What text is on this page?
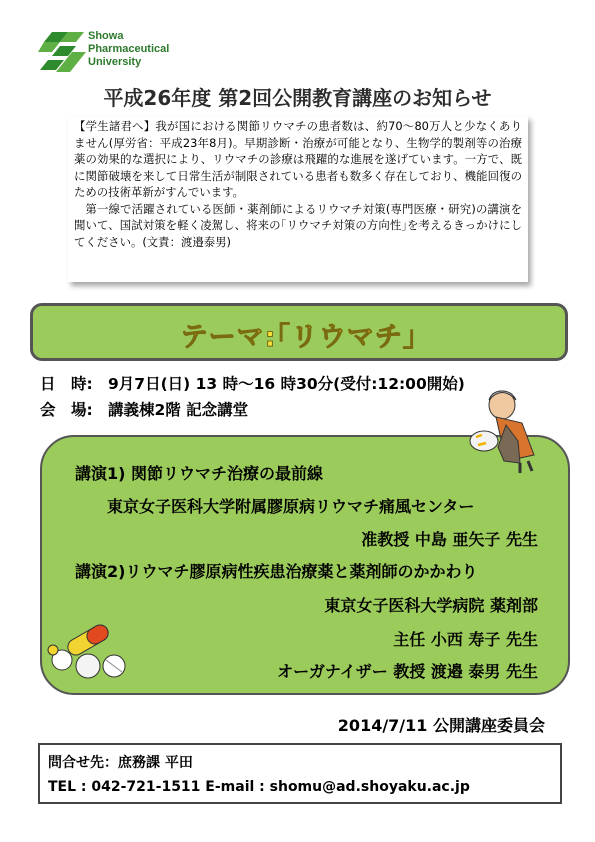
Showa
Pharmaceutical
University
平成26年度 第2回公開教育講座のお知らせ

【学生諸君へ】我が国における関節リウマチの患者数は、約70～80万人と少なくありません(厚労省：平成23年8月)。早期診断・治療が可能となり、生物学的製剤等の治療薬の効果的な選択により、リウマチの診療は飛躍的な進展を遂げています。一方で、既に関節破壊を来して日常生活が制限されている患者も数多く存在しており、機能回復のための技術革新がすんでいます。

第一線で活躍されている医師・薬剤師によるリウマチ対策(専門医療・研究)の講演を聞いて、国試対策を軽く凌駕し、将来の｢リウマチ対策の方向性｣を考えるきっかけにしてください。(文責：渡邉泰男)

テーマ:｢リウマチ｣
日　時: 9月7日(日) 13 時～16 時30分(受付:12:00開始)
会　場: 講義棟2階 記念講堂
講演1) 関節リウマチ治療の最前線
東京女子医科大学附属膠原病リウマチ痛風センター
准教授 中島 亜矢子 先生
講演2)リウマチ膠原病性疾患治療薬と薬剤師のかかわり
東京女子医科大学病院 薬剤部
主任 小西 寿子 先生
オーガナイザー 教授 渡邉 泰男 先生
2014/7/11 公開講座委員会
問合せ先：庶務課 平田
TEL : 042-721-1511 E-mail : shomu@ad.shoyaku.ac.jp
